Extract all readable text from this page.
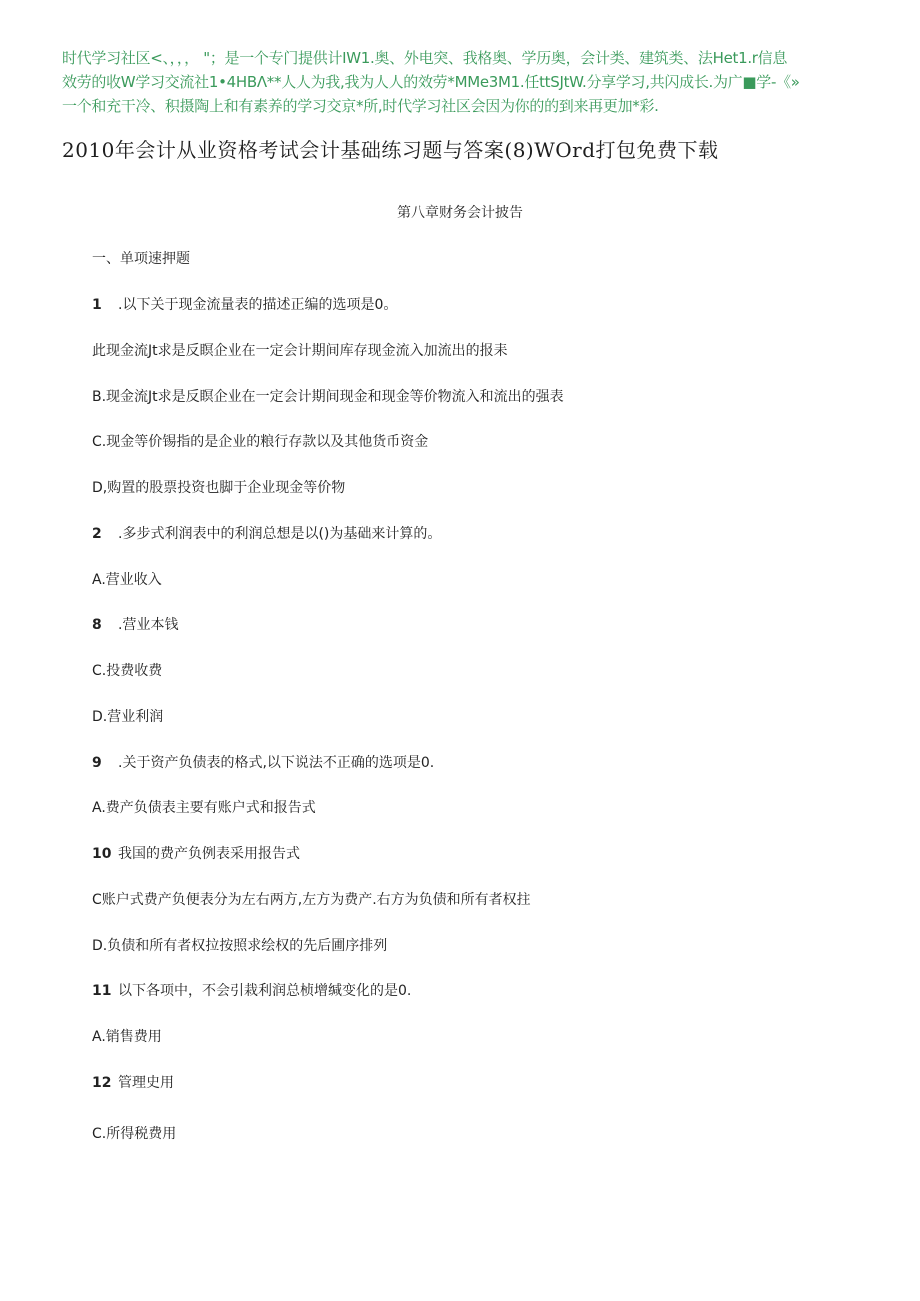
时代学习社区<、，，， "；是一个专门提供计IW1.奥、外电突、我格奥、学历奥，会计类、建筑类、法Het1.r信息
效劳的收W学习交流社1•4HBΛ**人人为我,我为人人的效劳*MMe3M1.任ttSJtW.分享学习,共闪成长.为广■学-《»
一个和充干冷、积摄陶上和有素养的学习交京*所,时代学习社区会因为你的的到来再更加*彩.
2010年会计从业资格考试会计基础练习题与答案(8)WOrd打包免费下载
第八章财务会计披告
一、单项速押题
1 .以下关于现金流量表的描述正编的选项是0。
此现金流Jt求是反瞑企业在一定会计期间库存现金流入加流出的报耒
B.现金流Jt求是反瞑企业在一定会计期间现金和现金等价物流入和流出的强表
C.现金等价锡指的是企业的粮行存款以及其他货币资金
D,购置的股票投资也脚于企业现金等价物
2 .多步式利润表中的利润总想是以()为基础来计算的。
A.营业收入
8 .营业本钱
C.投费收费
D.营业利润
9 .关于资产负债表的格式,以下说法不正确的选项是0.
A.费产负债表主要有账户式和报告式
10 我国的费产负例表采用报告式
C账户式费产负便表分为左右两方,左方为费产.右方为负债和所有者权拄
D.负债和所有者权拉按照求绘权的先后圃序排列
11 以下各项中，不会引栽利润总桢增缄变化的是0.
A.销售费用
12 管理史用
C.所得税费用
